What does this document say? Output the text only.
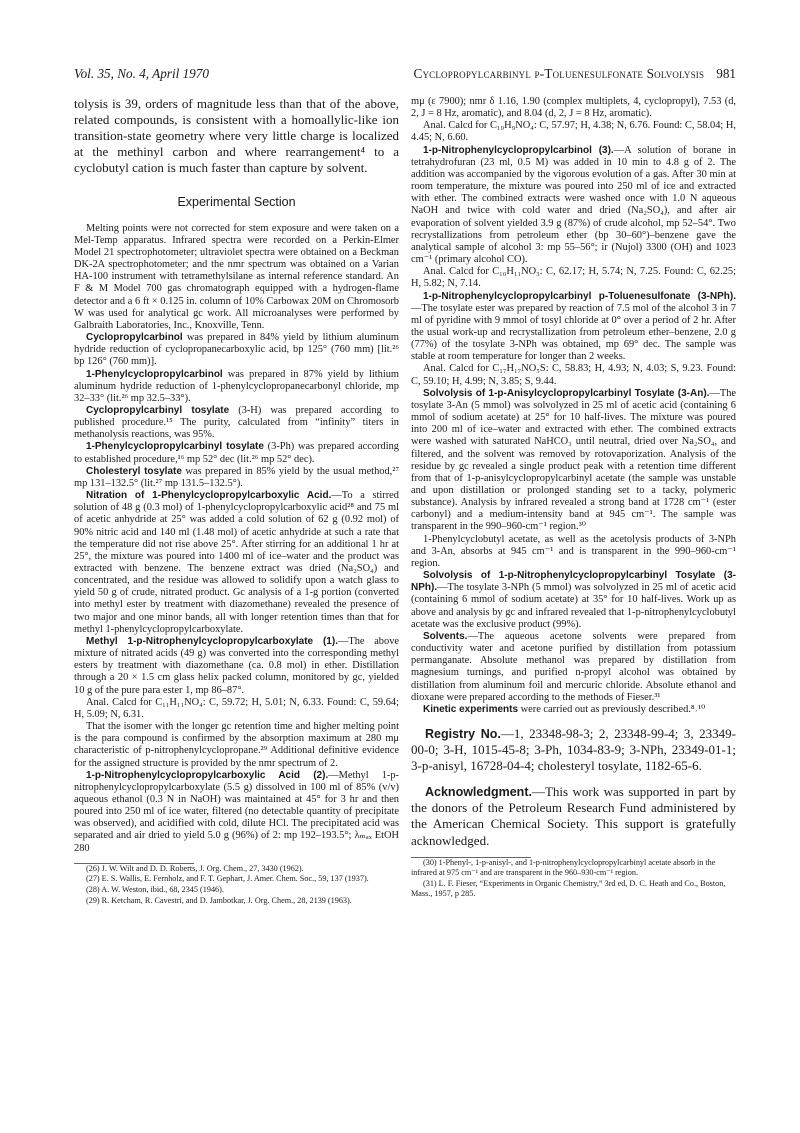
Vol. 35, No. 4, April 1970	Cyclopropylcarbinyl p-Toluenesulfonate Solvolysis 981

tolysis is 39, orders of magnitude less than that of the above, related compounds, is consistent with a homoallylic-like ion transition-state geometry where very little charge is localized at the methinyl carbon and where rearrangement⁴ to a cyclobutyl cation is much faster than capture by solvent.

Experimental Section

Melting points were not corrected for stem exposure and were taken on a Mel-Temp apparatus. Infrared spectra were recorded on a Perkin-Elmer Model 21 spectrophotometer; ultraviolet spectra were obtained on a Beckman DK-2A spectrophotometer; and the nmr spectrum was obtained on a Varian HA-100 instrument with tetramethylsilane as internal reference standard. An F & M Model 700 gas chromatograph equipped with a hydrogen-flame detector and a 6 ft × 0.125 in. column of 10% Carbowax 20M on Chromosorb W was used for analytical gc work. All microanalyses were performed by Galbraith Laboratories, Inc., Knoxville, Tenn.

Cyclopropylcarbinol was prepared in 84% yield by lithium aluminum hydride reduction of cyclopropanecarboxylic acid, bp 125° (760 mm) [lit.²⁶ bp 126° (760 mm)].

1-Phenylcyclopropylcarbinol was prepared in 87% yield by lithium aluminum hydride reduction of 1-phenylcyclopropanecarbonyl chloride, mp 32–33° (lit.²⁶ mp 32.5–33°).

Cyclopropylcarbinyl tosylate (3-H) was prepared according to published procedure.¹⁵ The purity, calculated from “infinity” titers in methanolysis reactions, was 95%.

1-Phenylcyclopropylcarbinyl tosylate (3-Ph) was prepared according to established procedure,¹⁶ mp 52° dec (lit.²⁶ mp 52° dec).

Cholesteryl tosylate was prepared in 85% yield by the usual method,²⁷ mp 131–132.5° (lit.²⁷ mp 131.5–132.5°).

Nitration of 1-Phenylcyclopropylcarboxylic Acid.—To a stirred solution of 48 g (0.3 mol) of 1-phenylcyclopropylcarboxylic acid²⁸ and 75 ml of acetic anhydride at 25° was added a cold solution of 62 g (0.92 mol) of 90% nitric acid and 140 ml (1.48 mol) of acetic anhydride at such a rate that the temperature did not rise above 25°. After stirring for an additional 1 hr at 25°, the mixture was poured into 1400 ml of ice–water and the product was extracted with benzene. The benzene extract was dried (Na₂SO₄) and concentrated, and the residue was allowed to solidify upon a watch glass to yield 50 g of crude, nitrated product. Gc analysis of a 1-g portion (converted into methyl ester by treatment with diazomethane) revealed the presence of two major and one minor bands, all with longer retention times than that for methyl 1-phenylcyclopropylcarboxylate.

Methyl 1-p-Nitrophenylcyclopropylcarboxylate (1).—The above mixture of nitrated acids (49 g) was converted into the corresponding methyl esters by treatment with diazomethane (ca. 0.8 mol) in ether. Distillation through a 20 × 1.5 cm glass helix packed column, monitored by gc, yielded 10 g of the pure para ester 1, mp 86–87°.

Anal. Calcd for C₁₁H₁₁NO₄: C, 59.72; H, 5.01; N, 6.33. Found: C, 59.64; H, 5.09; N, 6.31.

That the isomer with the longer gc retention time and higher melting point is the para compound is confirmed by the absorption maximum at 280 mμ characteristic of p-nitrophenylcyclopropane.²⁹ Additional definitive evidence for the assigned structure is provided by the nmr spectrum of 2.

1-p-Nitrophenylcyclopropylcarboxylic Acid (2).—Methyl 1-p-nitrophenylcyclopropylcarboxylate (5.5 g) dissolved in 100 ml of 85% (v/v) aqueous ethanol (0.3 N in NaOH) was maintained at 45° for 3 hr and then poured into 250 ml of ice water, filtered (no detectable quantity of precipitate was observed), and acidified with cold, dilute HCl. The precipitated acid was separated and air dried to yield 5.0 g (96%) of 2: mp 192–193.5°; λₘₐₓ EtOH 280

(26) J. W. Wilt and D. D. Roberts, J. Org. Chem., 27, 3430 (1962).

(27) E. S. Wallis, E. Fernholz, and F. T. Gephart, J. Amer. Chem. Soc., 59, 137 (1937).

(28) A. W. Weston, ibid., 68, 2345 (1946).

(29) R. Ketcham, R. Cavestri, and D. Jambotkar, J. Org. Chem., 28, 2139 (1963).

mμ (ε 7900); nmr δ 1.16, 1.90 (complex multiplets, 4, cyclopropyl), 7.53 (d, 2, J = 8 Hz, aromatic), and 8.04 (d, 2, J = 8 Hz, aromatic).

Anal. Calcd for C₁₀H₉NO₄: C, 57.97; H, 4.38; N, 6.76. Found: C, 58.04; H, 4.45; N, 6.60.

1-p-Nitrophenylcyclopropylcarbinol (3).—A solution of borane in tetrahydrofuran (23 ml, 0.5 M) was added in 10 min to 4.8 g of 2. The addition was accompanied by the vigorous evolution of a gas. After 30 min at room temperature, the mixture was poured into 250 ml of ice and extracted with ether. The combined extracts were washed once with 1.0 N aqueous NaOH and twice with cold water and dried (Na₂SO₄), and after air evaporation of solvent yielded 3.9 g (87%) of crude alcohol, mp 52–54°. Two recrystallizations from petroleum ether (bp 30–60°)–benzene gave the analytical sample of alcohol 3: mp 55–56°; ir (Nujol) 3300 (OH) and 1023 cm⁻¹ (primary alcohol CO).

Anal. Calcd for C₁₀H₁₁NO₃: C, 62.17; H, 5.74; N, 7.25. Found: C, 62.25; H, 5.82; N, 7.14.

1-p-Nitrophenylcyclopropylcarbinyl p-Toluenesulfonate (3-NPh).—The tosylate ester was prepared by reaction of 7.5 mol of the alcohol 3 in 7 ml of pyridine with 9 mmol of tosyl chloride at 0° over a period of 2 hr. After the usual work-up and recrystallization from petroleum ether–benzene, 2.0 g (77%) of the tosylate 3-NPh was obtained, mp 69° dec. The sample was stable at room temperature for longer than 2 weeks.

Anal. Calcd for C₁₇H₁₇NO₅S: C, 58.83; H, 4.93; N, 4.03; S, 9.23. Found: C, 59.10; H, 4.99; N, 3.85; S, 9.44.

Solvolysis of 1-p-Anisylcyclopropylcarbinyl Tosylate (3-An).—The tosylate 3-An (5 mmol) was solvolyzed in 25 ml of acetic acid (containing 6 mmol of sodium acetate) at 25° for 10 half-lives. The mixture was poured into 200 ml of ice–water and extracted with ether. The combined extracts were washed with saturated NaHCO₃ until neutral, dried over Na₂SO₄, and filtered, and the solvent was removed by rotovaporization. Analysis of the residue by gc revealed a single product peak with a retention time different from that of 1-p-anisylcyclopropylcarbinyl acetate (the sample was unstable and upon distillation or prolonged standing set to a tacky, polymeric substance). Analysis by infrared revealed a strong band at 1728 cm⁻¹ (ester carbonyl) and a medium-intensity band at 945 cm⁻¹. The sample was transparent in the 990–960-cm⁻¹ region.³⁰

1-Phenylcyclobutyl acetate, as well as the acetolysis products of 3-NPh and 3-An, absorbs at 945 cm⁻¹ and is transparent in the 990–960-cm⁻¹ region.

Solvolysis of 1-p-Nitrophenylcyclopropylcarbinyl Tosylate (3-NPh).—The tosylate 3-NPh (5 mmol) was solvolyzed in 25 ml of acetic acid (containing 6 mmol of sodium acetate) at 35° for 10 half-lives. Work up as above and analysis by gc and infrared revealed that 1-p-nitrophenylcyclobutyl acetate was the exclusive product (99%).

Solvents.—The aqueous acetone solvents were prepared from conductivity water and acetone purified by distillation from potassium permanganate. Absolute methanol was prepared by distillation from magnesium turnings, and purified n-propyl alcohol was obtained by distillation from aluminum foil and mercuric chloride. Absolute ethanol and dioxane were prepared according to the methods of Fieser.³¹

Kinetic experiments were carried out as previously described.⁸˒¹⁰

Registry No.—1, 23348-98-3; 2, 23348-99-4; 3, 23349-00-0; 3-H, 1015-45-8; 3-Ph, 1034-83-9; 3-NPh, 23349-01-1; 3-p-anisyl, 16728-04-4; cholesteryl tosylate, 1182-65-6.

Acknowledgment.—This work was supported in part by the donors of the Petroleum Research Fund administered by the American Chemical Society. This support is gratefully acknowledged.

(30) 1-Phenyl-, 1-p-anisyl-, and 1-p-nitrophenylcyclopropylcarbinyl acetate absorb in the infrared at 975 cm⁻¹ and are transparent in the 960–930-cm⁻¹ region.

(31) L. F. Fieser, “Experiments in Organic Chemistry,” 3rd ed, D. C. Heath and Co., Boston, Mass., 1957, p 285.
